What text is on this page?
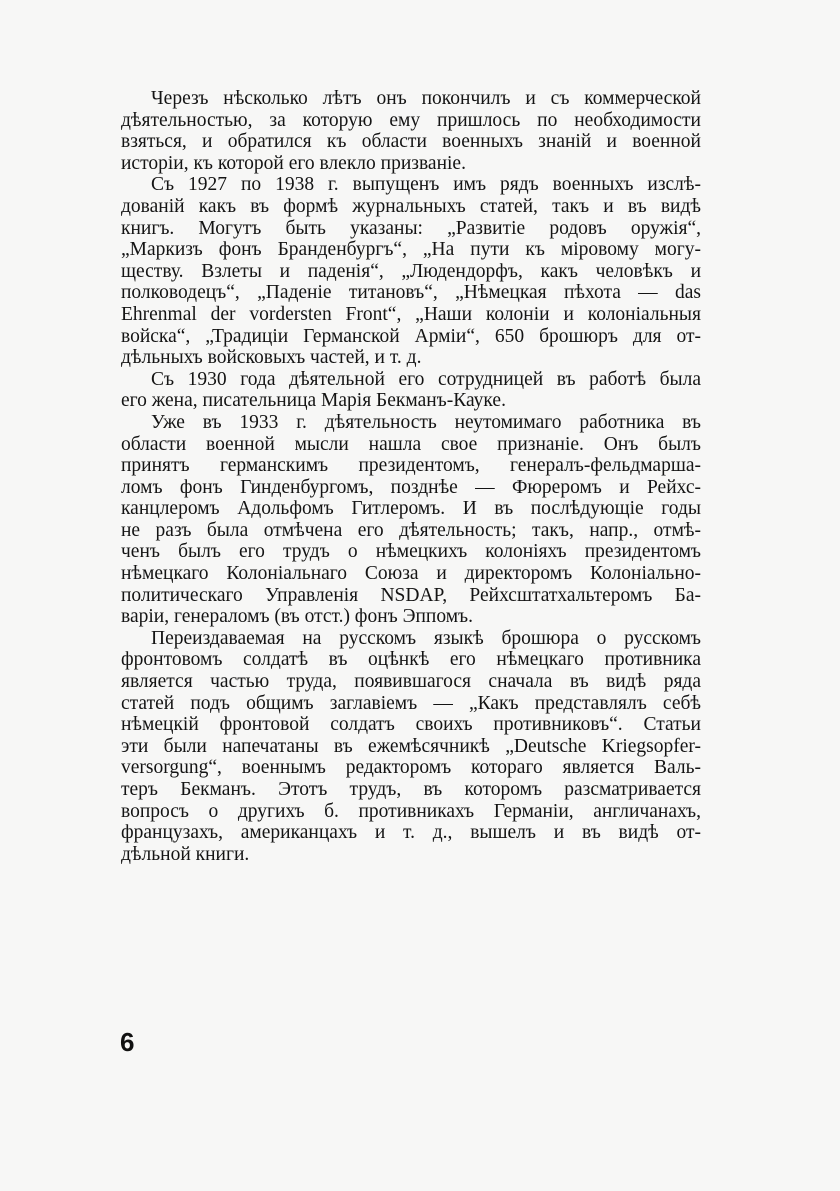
Черезъ нѣсколько лѣтъ онъ покончилъ и съ коммерческой
дѣятельностью, за которую ему пришлось по необходимости
взяться, и обратился къ области военныхъ знаній и военной
исторіи, къ которой его влекло призваніе.
Съ 1927 по 1938 г. выпущенъ имъ рядъ военныхъ изслѣ-
дованій какъ въ формѣ журнальныхъ статей, такъ и въ видѣ
книгъ. Могутъ быть указаны: „Развитіе родовъ оружія“,
„Маркизъ фонъ Бранденбургъ“, „На пути къ міровому могу-
ществу. Взлеты и паденія“, „Людендорфъ, какъ человѣкъ и
полководецъ“, „Паденіе титановъ“, „Нѣмецкая пѣхота — das
Ehrenmal der vordersten Front“, „Наши колоніи и колоніальныя
войска“, „Традиціи Германской Арміи“, 650 брошюръ для от-
дѣльныхъ войсковыхъ частей, и т. д.
Съ 1930 года дѣятельной его сотрудницей въ работѣ была
его жена, писательница Марія Бекманъ-Кауке.
Уже въ 1933 г. дѣятельность неутомимаго работника въ
области военной мысли нашла свое признаніе. Онъ былъ
принятъ германскимъ президентомъ, генералъ-фельдмарша-
ломъ фонъ Гинденбургомъ, позднѣе — Фюреромъ и Рейхс-
канцлеромъ Адольфомъ Гитлеромъ. И въ послѣдующіе годы
не разъ была отмѣчена его дѣятельность; такъ, напр., отмѣ-
ченъ былъ его трудъ о нѣмецкихъ колоніяхъ президентомъ
нѣмецкаго Колоніальнаго Союза и директоромъ Колоніально-
политическаго Управленія NSDAP, Рейхсштатхальтеромъ Ба-
варіи, генераломъ (въ отст.) фонъ Эппомъ.
Переиздаваемая на русскомъ языкѣ брошюра о русскомъ
фронтовомъ солдатѣ въ оцѣнкѣ его нѣмецкаго противника
является частью труда, появившагося сначала въ видѣ ряда
статей подъ общимъ заглавіемъ — „Какъ представлялъ себѣ
нѣмецкій фронтовой солдатъ своихъ противниковъ“. Статьи
эти были напечатаны въ ежемѣсячникѣ „Deutsche Kriegsopfer-
versorgung“, военнымъ редакторомъ котораго является Валь-
теръ Бекманъ. Этотъ трудъ, въ которомъ разсматривается
вопросъ о другихъ б. противникахъ Германіи, англичанахъ,
французахъ, американцахъ и т. д., вышелъ и въ видѣ от-
дѣльной книги.
6
